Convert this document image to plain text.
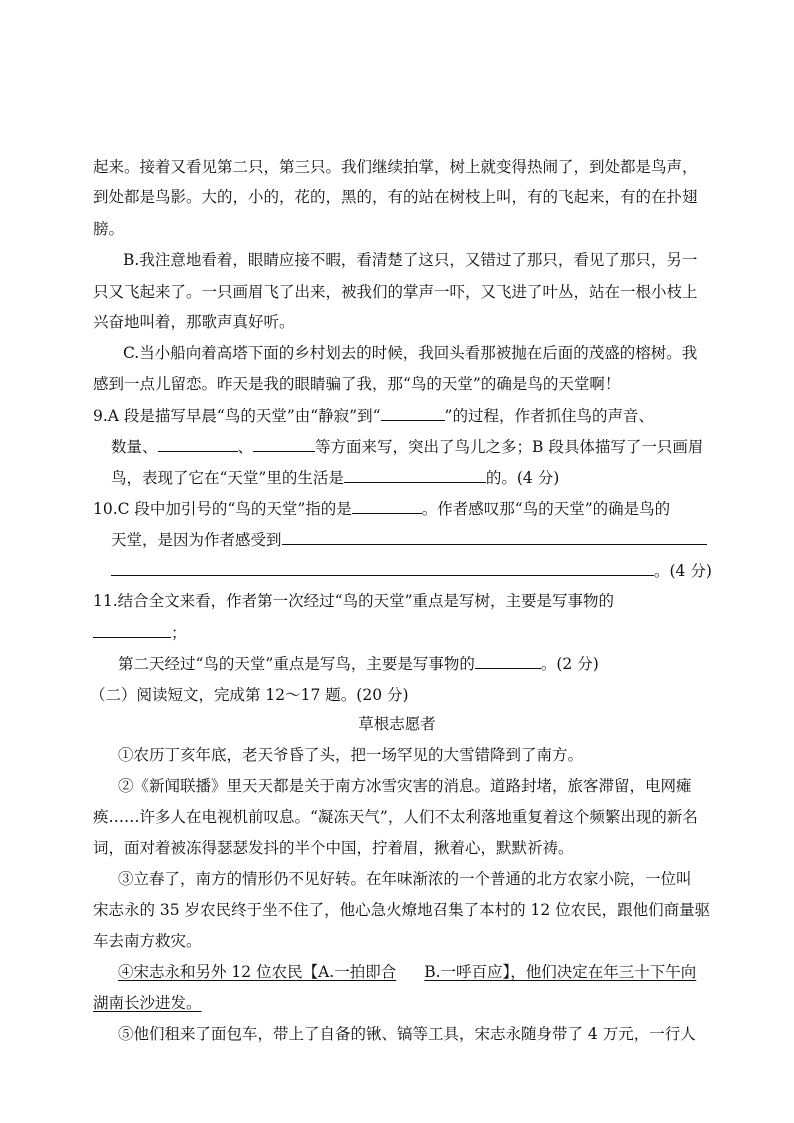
起来。接着又看见第二只，第三只。我们继续拍掌，树上就变得热闹了，到处都是鸟声，
到处都是鸟影。大的，小的，花的，黑的，有的站在树枝上叫，有的飞起来，有的在扑翅
膀。
B.我注意地看着，眼睛应接不暇，看清楚了这只，又错过了那只，看见了那只，另一
只又飞起来了。一只画眉飞了出来，被我们的掌声一吓，又飞进了叶丛，站在一根小枝上
兴奋地叫着，那歌声真好听。
C.当小船向着高塔下面的乡村划去的时候，我回头看那被抛在后面的茂盛的榕树。我
感到一点儿留恋。昨天是我的眼睛骗了我，那“鸟的天堂”的确是鸟的天堂啊！
9.A 段是描写早晨“鸟的天堂”由“静寂”到“	”的过程，作者抓住鸟的声音、
数量、	、	等方面来写，突出了鸟儿之多；B 段具体描写了一只画眉
鸟，表现了它在“天堂”里的生活是	的。(4 分)
10.C 段中加引号的“鸟的天堂”指的是	。作者感叹那“鸟的天堂”的确是鸟的
天堂，是因为作者感受到
。(4 分)
11.结合全文来看，作者第一次经过“鸟的天堂”重点是写树，主要是写事物的
；
第二天经过“鸟的天堂”重点是写鸟，主要是写事物的	。(2 分)
（二）阅读短文，完成第 12～17 题。(20 分)
草根志愿者
①农历丁亥年底，老天爷昏了头，把一场罕见的大雪错降到了南方。
②《新闻联播》里天天都是关于南方冰雪灾害的消息。道路封堵，旅客滞留，电网瘫
痪……许多人在电视机前叹息。“凝冻天气”，人们不太利落地重复着这个频繁出现的新名
词，面对着被冻得瑟瑟发抖的半个中国，拧着眉，揪着心，默默祈祷。
③立春了，南方的情形仍不见好转。在年味渐浓的一个普通的北方农家小院，一位叫
宋志永的 35 岁农民终于坐不住了，他心急火燎地召集了本村的 12 位农民，跟他们商量驱
车去南方救灾。
④宋志永和另外 12 位农民【A.一拍即合 B.一呼百应】，他们决定在年三十下午向
湖南长沙进发。
⑤他们租来了面包车，带上了自备的锹、镐等工具，宋志永随身带了 4 万元，一行人
